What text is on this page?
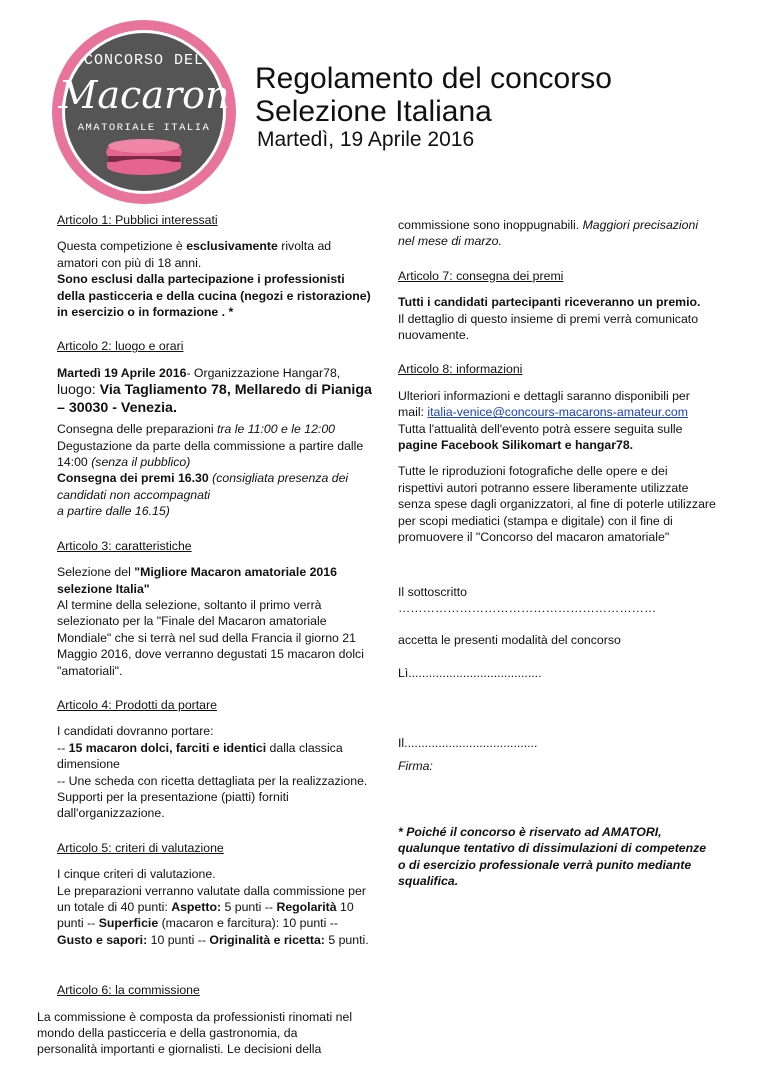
CONCORSO DEL
Macaron
AMATORIALE ITALIA
Regolamento del concorso
Selezione Italiana
Martedì, 19 Aprile 2016
Articolo 1: Pubblici interessati

Questa competizione è esclusivamente rivolta ad amatori con più di 18 anni.

Sono esclusi dalla partecipazione i professionisti della pasticceria e della cucina (negozi e ristorazione) in esercizio o in formazione . *

Articolo 2: luogo e orari

Martedì 19 Aprile 2016- Organizzazione Hangar78,

luogo: Via Tagliamento 78, Mellaredo di Pianiga – 30030 - Venezia.

Consegna delle preparazioni tra le 11:00 e le 12:00

Degustazione da parte della commissione a partire dalle 14:00 (senza il pubblico)

Consegna dei premi 16.30 (consigliata presenza dei candidati non accompagnati

a partire dalle 16.15)

Articolo 3: caratteristiche

Selezione del "Migliore Macaron amatoriale 2016 selezione Italia"

Al termine della selezione, soltanto il primo verrà selezionato per la "Finale del Macaron amatoriale Mondiale" che si terrà nel sud della Francia il giorno 21 Maggio 2016, dove verranno degustati 15 macaron dolci "amatoriali".

Articolo 4: Prodotti da portare

I candidati dovranno portare:

-- 15 macaron dolci, farciti e identici dalla classica dimensione

-- Une scheda con ricetta dettagliata per la realizzazione.

Supporti per la presentazione (piatti) forniti dall'organizzazione.

Articolo 5: criteri di valutazione

I cinque criteri di valutazione.

Le preparazioni verranno valutate dalla commissione per un totale di 40 punti: Aspetto: 5 punti -- Regolarità 10 punti -- Superficie (macaron e farcitura): 10 punti -- Gusto e sapori: 10 punti -- Originalità e ricetta: 5 punti.

Articolo 6: la commissione

La commissione è composta da professionisti rinomati nel mondo della pasticceria e della gastronomia, da personalità importanti e giornalisti. Le decisioni della

commissione sono inoppugnabili. Maggiori precisazioni nel mese di marzo.

Articolo 7: consegna dei premi

Tutti i candidati partecipanti riceveranno un premio.

Il dettaglio di questo insieme di premi verrà comunicato nuovamente.

Articolo 8: informazioni

Ulteriori informazioni e dettagli saranno disponibili per

mail: italia-venice@concours-macarons-amateur.com

Tutta l'attualità dell'evento potrà essere seguita sulle pagine Facebook Silikomart e hangar78.

Tutte le riproduzioni fotografiche delle opere e dei rispettivi autori potranno essere liberamente utilizzate senza spese dagli organizzatori, al fine di poterle utilizzare per scopi mediatici (stampa e digitale) con il fine di promuovere il "Concorso del macaron amatoriale"

Il sottoscritto ………………………………………………………

accetta le presenti modalità del concorso

Lì.......................................

Il.......................................

Firma:

* Poiché il concorso è riservato ad AMATORI, qualunque tentativo di dissimulazioni di competenze o di esercizio professionale verrà punito mediante squalifica.
